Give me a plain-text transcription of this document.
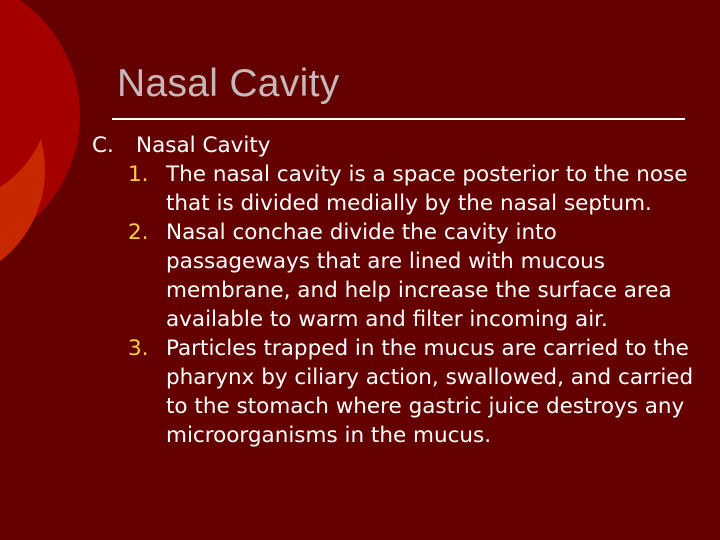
Nasal Cavity
C.	Nasal Cavity
1. The nasal cavity is a space posterior to the nose that is divided medially by the nasal septum.
2. Nasal conchae divide the cavity into passageways that are lined with mucous membrane, and help increase the surface area available to warm and filter incoming air.
3. Particles trapped in the mucus are carried to the pharynx by ciliary action, swallowed, and carried to the stomach where gastric juice destroys any microorganisms in the mucus.
